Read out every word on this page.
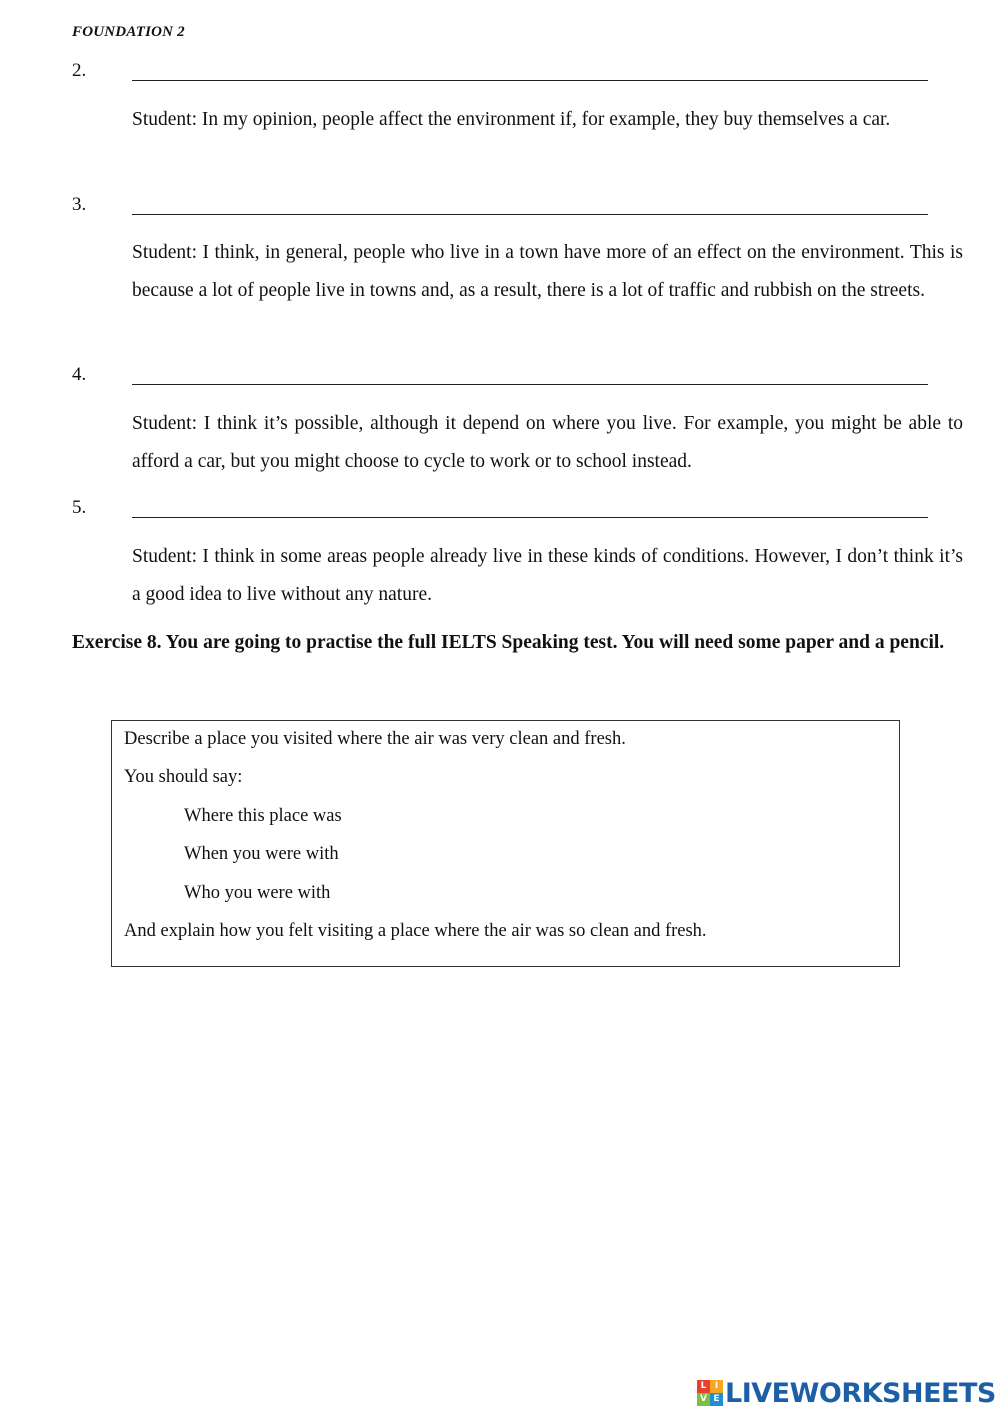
FOUNDATION 2
2.
Student: In my opinion, people affect the environment if, for example, they buy themselves a car.
3.
Student: I think, in general, people who live in a town have more of an effect on the environment. This is because a lot of people live in towns and, as a result, there is a lot of traffic and rubbish on the streets.
4.
Student: I think it’s possible, although it depend on where you live. For example, you might be able to afford a car, but you might choose to cycle to work or to school instead.
5.
Student: I think in some areas people already live in these kinds of conditions. However, I don’t think it’s a good idea to live without any nature.
Exercise 8. You are going to practise the full IELTS Speaking test. You will need some paper and a pencil.
Describe a place you visited where the air was very clean and fresh.
You should say:
Where this place was
When you were with
Who you were with
And explain how you felt visiting a place where the air was so clean and fresh.
L I
V E LIVEWORKSHEETS
